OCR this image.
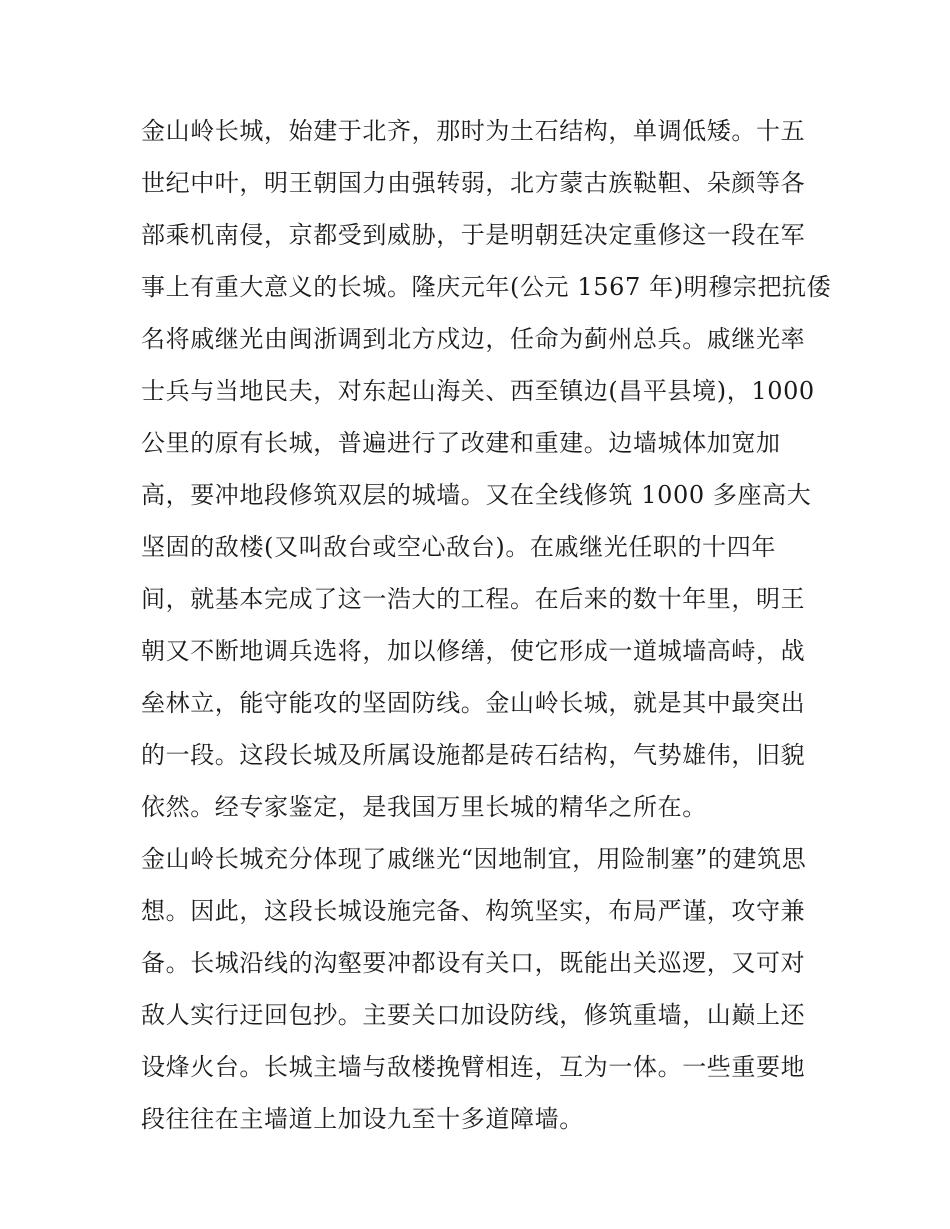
金山岭长城，始建于北齐，那时为土石结构，单调低矮。十五
世纪中叶，明王朝国力由强转弱，北方蒙古族鞑靼、朵颜等各
部乘机南侵，京都受到威胁，于是明朝廷决定重修这一段在军
事上有重大意义的长城。隆庆元年(公元 1567 年)明穆宗把抗倭
名将戚继光由闽浙调到北方戍边，任命为蓟州总兵。戚继光率
士兵与当地民夫，对东起山海关、西至镇边(昌平县境)，1000
公里的原有长城，普遍进行了改建和重建。边墙城体加宽加
高，要冲地段修筑双层的城墙。又在全线修筑 1000 多座高大
坚固的敌楼(又叫敌台或空心敌台)。在戚继光任职的十四年
间，就基本完成了这一浩大的工程。在后来的数十年里，明王
朝又不断地调兵选将，加以修缮，使它形成一道城墙高峙，战
垒林立，能守能攻的坚固防线。金山岭长城，就是其中最突出
的一段。这段长城及所属设施都是砖石结构，气势雄伟，旧貌
依然。经专家鉴定，是我国万里长城的精华之所在。
金山岭长城充分体现了戚继光“因地制宜，用险制塞”的建筑思
想。因此，这段长城设施完备、构筑坚实，布局严谨，攻守兼
备。长城沿线的沟壑要冲都设有关口，既能出关巡逻，又可对
敌人实行迂回包抄。主要关口加设防线，修筑重墙，山巅上还
设烽火台。长城主墙与敌楼挽臂相连，互为一体。一些重要地
段往往在主墙道上加设九至十多道障墙。
